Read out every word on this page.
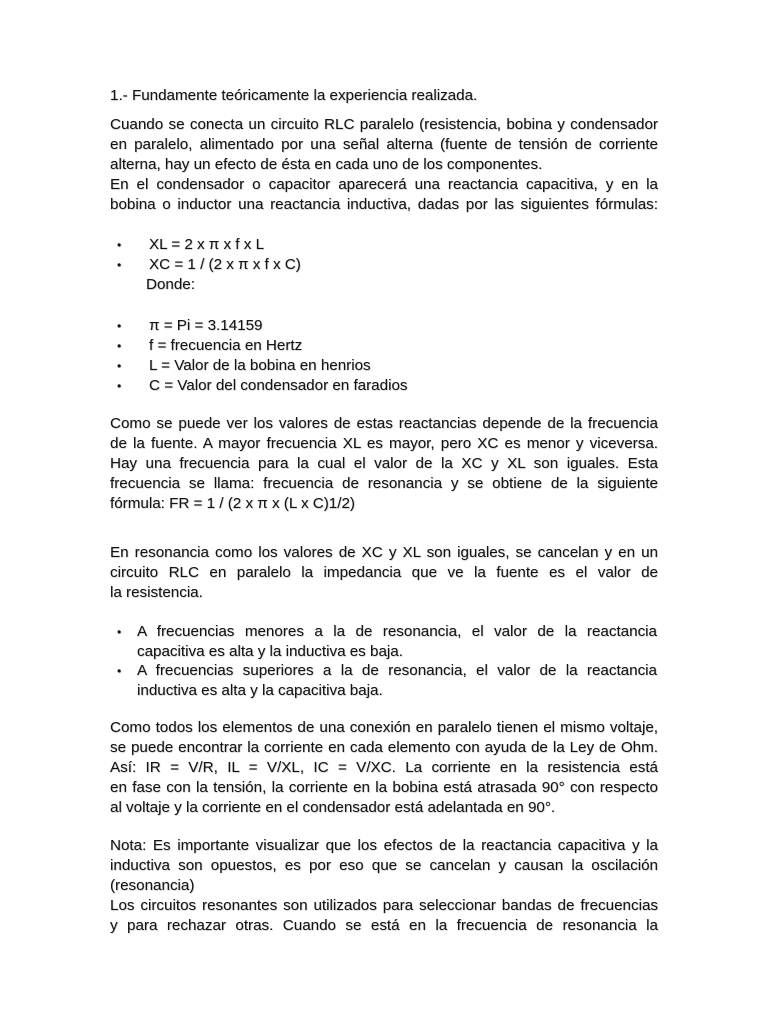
1.- Fundamente teóricamente la experiencia realizada.
Cuando se conecta un circuito RLC paralelo (resistencia, bobina y condensador
en paralelo, alimentado por una señal alterna (fuente de tensión de corriente
alterna, hay un efecto de ésta en cada uno de los componentes.
En el condensador o capacitor aparecerá una reactancia capacitiva, y en la
bobina o inductor una reactancia inductiva, dadas por las siguientes fórmulas:
• XL = 2 x π x f x L
• XC = 1 / (2 x π x f x C)
Donde:
• π = Pi = 3.14159
• f = frecuencia en Hertz
• L = Valor de la bobina en henrios
• C = Valor del condensador en faradios
Como se puede ver los valores de estas reactancias depende de la frecuencia
de la fuente. A mayor frecuencia XL es mayor, pero XC es menor y viceversa.
Hay una frecuencia para la cual el valor de la XC y XL son iguales. Esta
frecuencia se llama: frecuencia de resonancia y se obtiene de la siguiente
fórmula: FR = 1 / (2 x π x (L x C)1/2)
En resonancia como los valores de XC y XL son iguales, se cancelan y en un
circuito RLC en paralelo la impedancia que ve la fuente es el valor de
la resistencia.
• A frecuencias menores a la de resonancia, el valor de la reactancia
capacitiva es alta y la inductiva es baja.
• A frecuencias superiores a la de resonancia, el valor de la reactancia
inductiva es alta y la capacitiva baja.
Como todos los elementos de una conexión en paralelo tienen el mismo voltaje,
se puede encontrar la corriente en cada elemento con ayuda de la Ley de Ohm.
Así: IR = V/R, IL = V/XL, IC = V/XC. La corriente en la resistencia está
en fase con la tensión, la corriente en la bobina está atrasada 90° con respecto
al voltaje y la corriente en el condensador está adelantada en 90°.
Nota: Es importante visualizar que los efectos de la reactancia capacitiva y la
inductiva son opuestos, es por eso que se cancelan y causan la oscilación
(resonancia)
Los circuitos resonantes son utilizados para seleccionar bandas de frecuencias
y para rechazar otras. Cuando se está en la frecuencia de resonancia la
